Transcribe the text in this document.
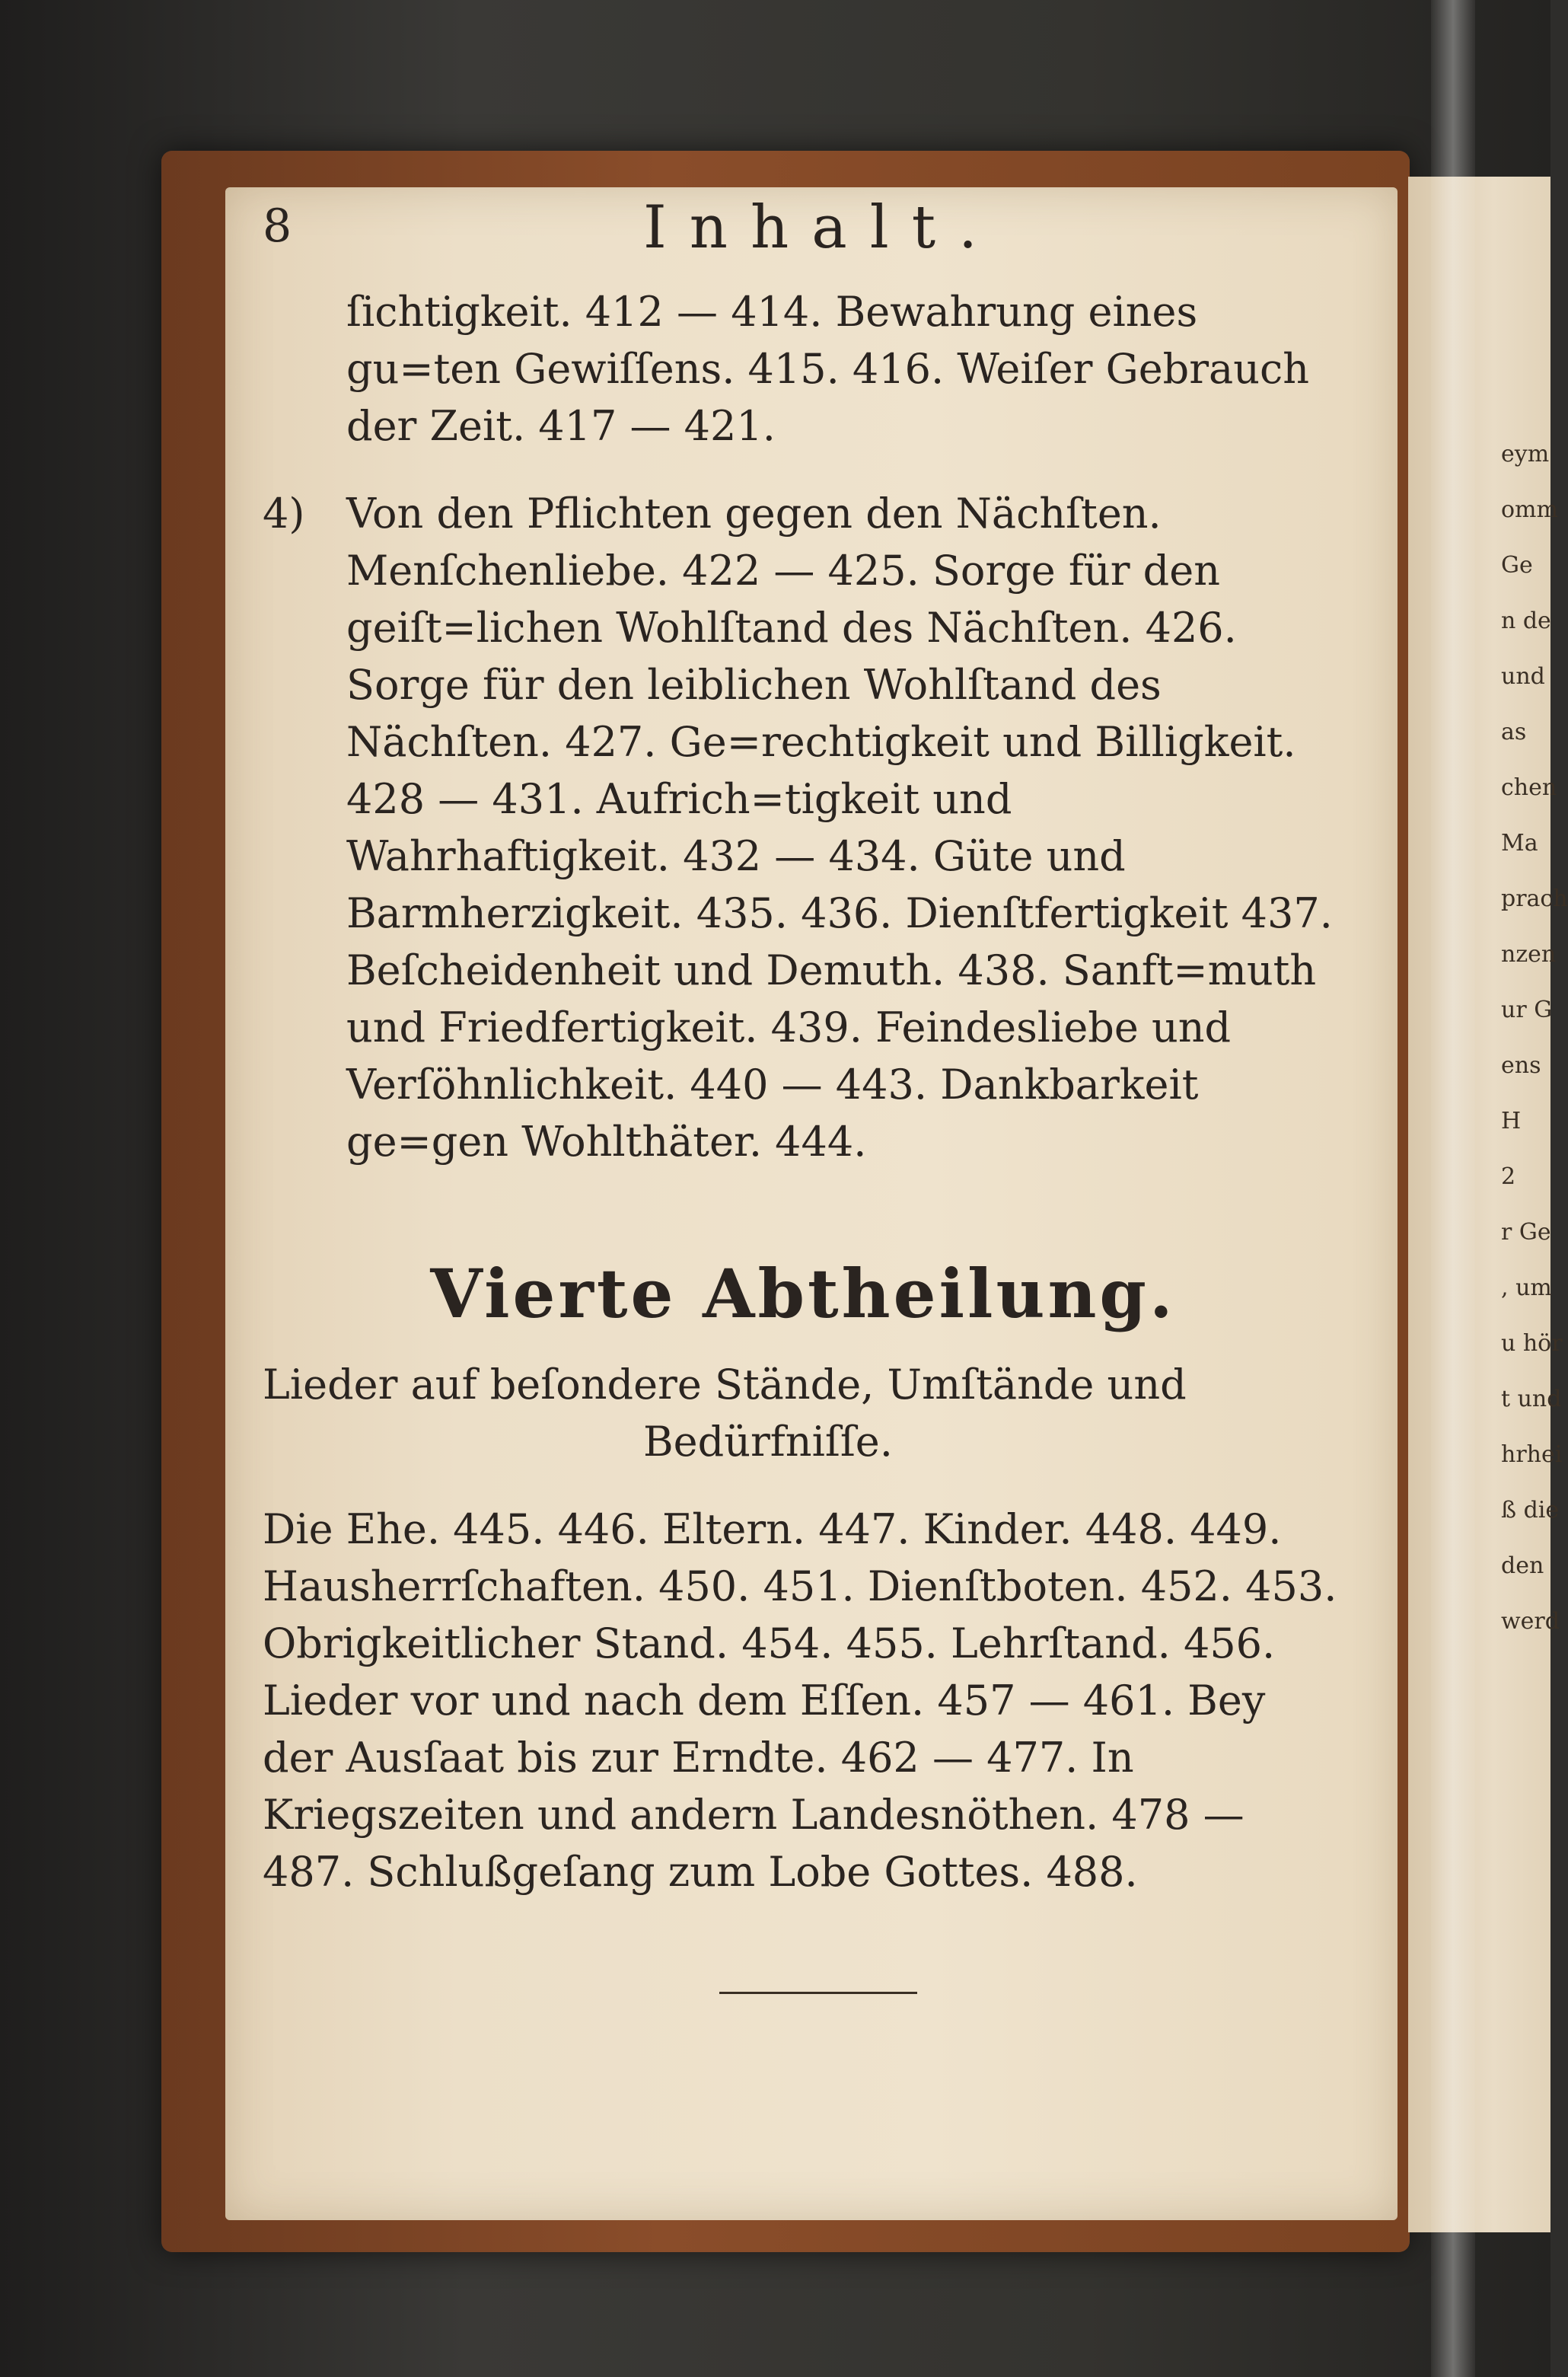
eym
omm
Ge
n de
und
as
chen
Ma
prach
nzen
ur G
ens
H
2
r Ge
, um
u hör
t und
hrhei
ß die
den
werd
8	Inhalt.

ſichtigkeit. 412 — 414. Bewahrung eines gu=ten Gewiſſens. 415. 416. Weiſer Gebrauch der Zeit. 417 — 421.

4)	Von den Pflichten gegen den Nächſten.

Menſchenliebe. 422 — 425. Sorge für den geiſt=lichen Wohlſtand des Nächſten. 426. Sorge für den leiblichen Wohlſtand des Nächſten. 427. Ge=rechtigkeit und Billigkeit. 428 — 431. Aufrich=tigkeit und Wahrhaftigkeit. 432 — 434. Güte und Barmherzigkeit. 435. 436. Dienſtfertigkeit 437. Beſcheidenheit und Demuth. 438. Sanft=muth und Friedfertigkeit. 439. Feindesliebe und Verſöhnlichkeit. 440 — 443. Dankbarkeit ge=gen Wohlthäter. 444.

Vierte Abtheilung.

Lieder auf beſondere Stände, Umſtände und
Bedürfniſſe.

Die Ehe. 445. 446. Eltern. 447. Kinder. 448. 449. Hausherrſchaften. 450. 451. Dienſtboten. 452. 453. Obrigkeitlicher Stand. 454. 455. Lehrſtand. 456. Lieder vor und nach dem Eſſen. 457 — 461. Bey der Ausſaat bis zur Erndte. 462 — 477. In Kriegszeiten und andern Landesnöthen. 478 — 487. Schlußgeſang zum Lobe Gottes. 488.
